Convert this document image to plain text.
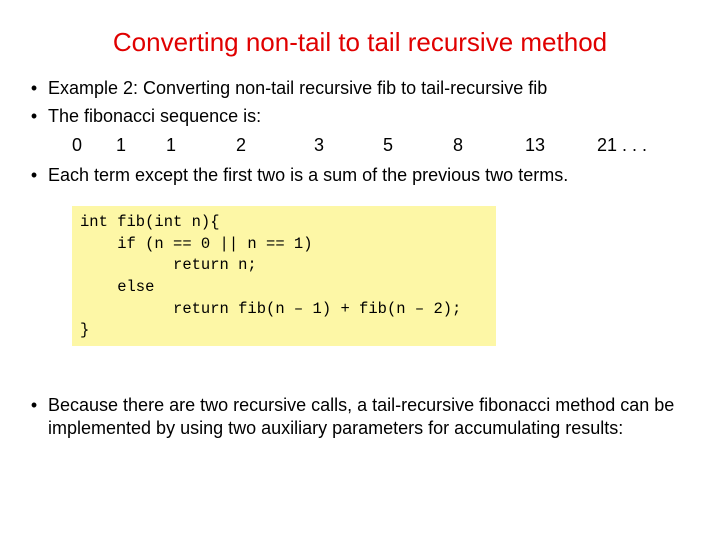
Converting non-tail to tail recursive method
• Example 2: Converting non-tail recursive fib to tail-recursive fib
• The fibonacci sequence is:
0 1 1	2	3	5	8	13	21 . . .
• Each term except the first two is a sum of the previous two terms.
int fib(int n){
if (n == 0 || n == 1)
return n;
else
return fib(n – 1) + fib(n – 2);
}
• Because there are two recursive calls, a tail-recursive fibonacci method can be implemented by using two auxiliary parameters for accumulating results:
